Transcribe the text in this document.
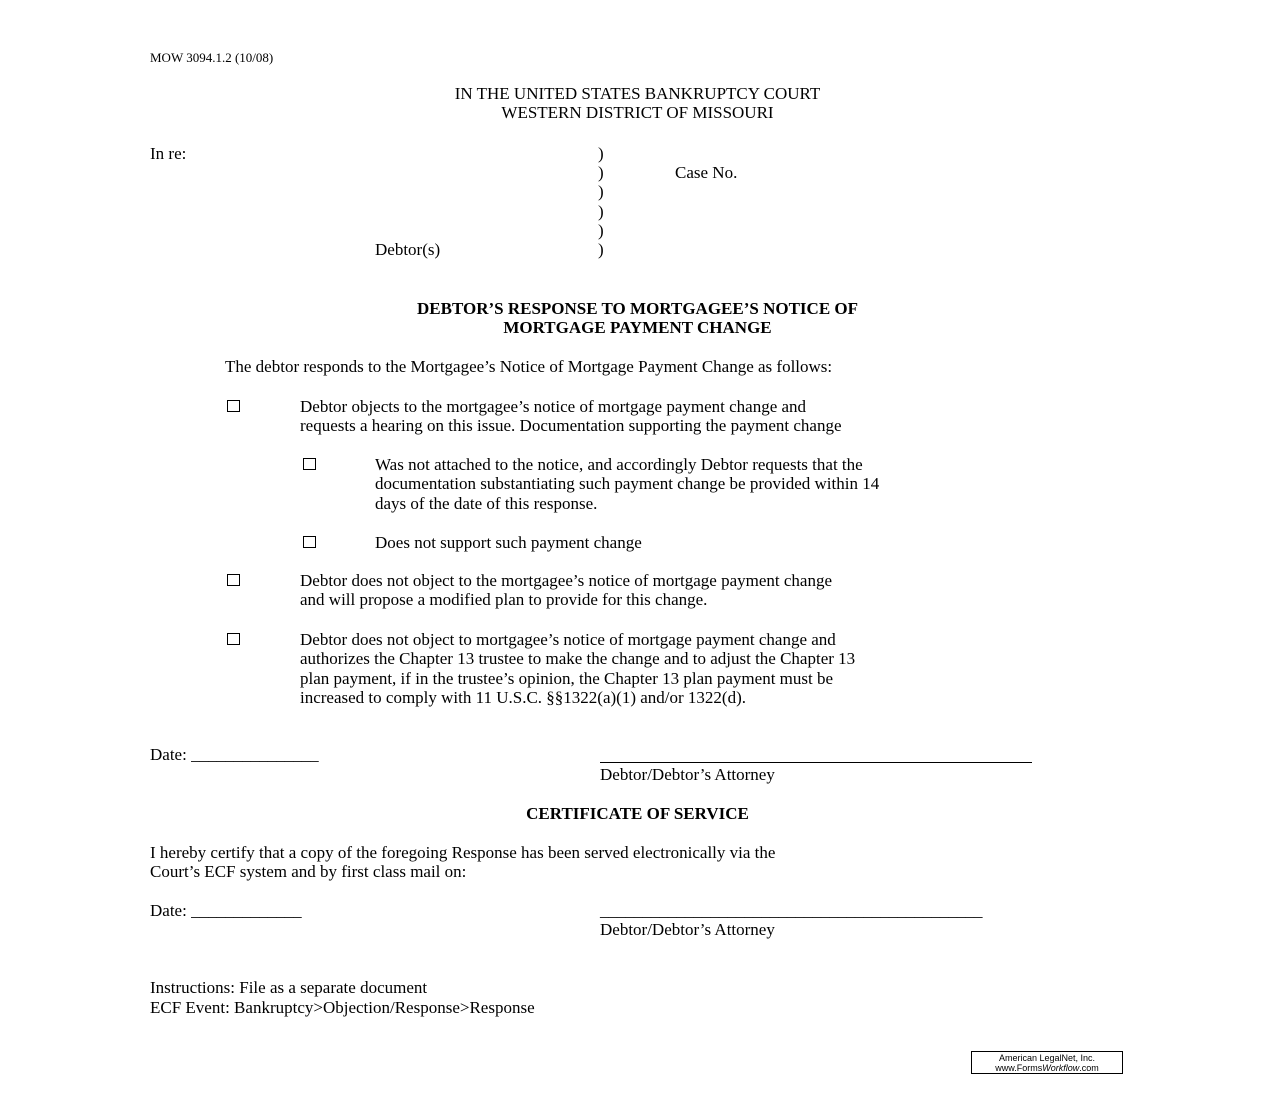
MOW 3094.1.2 (10/08)
IN THE UNITED STATES BANKRUPTCY COURT
WESTERN DISTRICT OF MISSOURI
In re:	)
)
)
)
)
)
Case No.
Debtor(s)
DEBTOR’S RESPONSE TO MORTGAGEE’S NOTICE OF
MORTGAGE PAYMENT CHANGE
The debtor responds to the Mortgagee’s Notice of Mortgage Payment Change as follows:
Debtor objects to the mortgagee’s notice of mortgage payment change and
requests a hearing on this issue. Documentation supporting the payment change
Was not attached to the notice, and accordingly Debtor requests that the
documentation substantiating such payment change be provided within 14
days of the date of this response.
Does not support such payment change
Debtor does not object to the mortgagee’s notice of mortgage payment change
and will propose a modified plan to provide for this change.
Debtor does not object to mortgagee’s notice of mortgage payment change and
authorizes the Chapter 13 trustee to make the change and to adjust the Chapter 13
plan payment, if in the trustee’s opinion, the Chapter 13 plan payment must be
increased to comply with 11 U.S.C. §§1322(a)(1) and/or 1322(d).
Date: _______________
Debtor/Debtor’s Attorney
CERTIFICATE OF SERVICE
I hereby certify that a copy of the foregoing Response has been served electronically via the
Court’s ECF system and by first class mail on:
Date: _____________	_____________________________________________
Debtor/Debtor’s Attorney
Instructions: File as a separate document
ECF Event: Bankruptcy>Objection/Response>Response
American LegalNet, Inc.
www.FormsWorkflow.com
